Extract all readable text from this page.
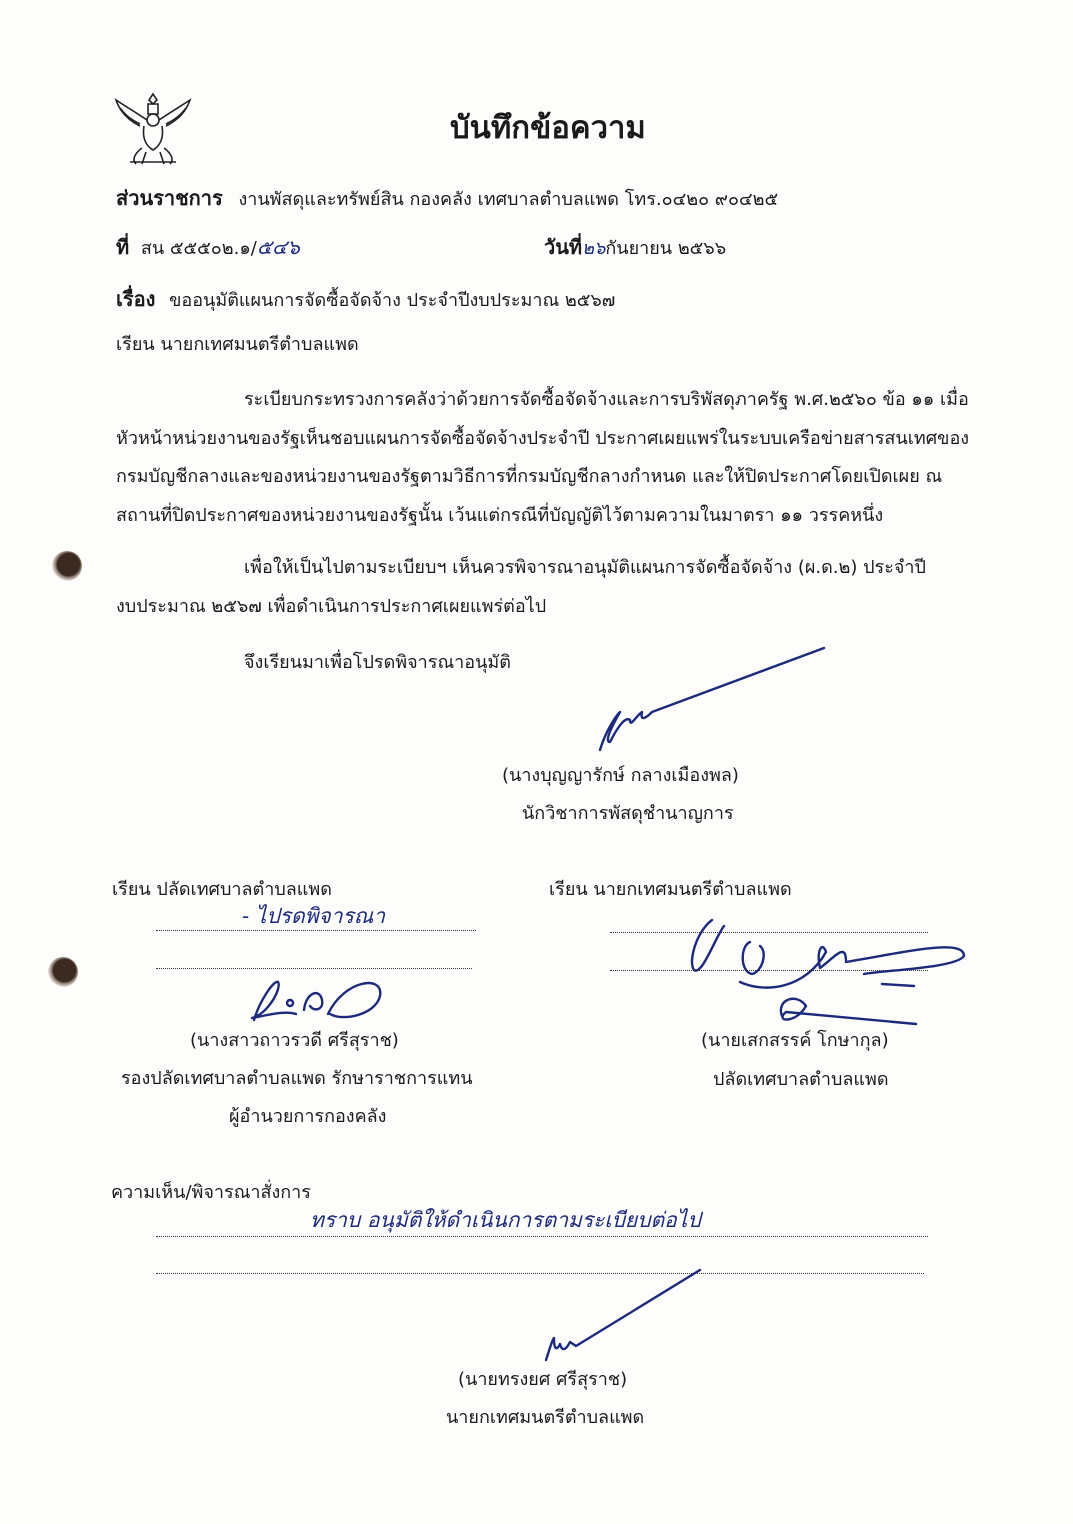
บันทึกข้อความ
ส่วนราชการ งานพัสดุและทรัพย์สิน กองคลัง เทศบาลตำบลแพด โทร.๐๔๒๐ ๙๐๔๒๕
ที่ สน ๕๕๕๐๒.๑/๕๔๖	วันที่๒๖กันยายน ๒๕๖๖
เรื่อง ขออนุมัติแผนการจัดซื้อจัดจ้าง ประจำปีงบประมาณ ๒๕๖๗
เรียน นายกเทศมนตรีตำบลแพด
ระเบียบกระทรวงการคลังว่าด้วยการจัดซื้อจัดจ้างและการบริพัสดุภาครัฐ พ.ศ.๒๕๖๐ ข้อ ๑๑ เมื่อ
หัวหน้าหน่วยงานของรัฐเห็นชอบแผนการจัดซื้อจัดจ้างประจำปี ประกาศเผยแพร่ในระบบเครือข่ายสารสนเทศของ
กรมบัญชีกลางและของหน่วยงานของรัฐตามวิธีการที่กรมบัญชีกลางกำหนด และให้ปิดประกาศโดยเปิดเผย ณ
สถานที่ปิดประกาศของหน่วยงานของรัฐนั้น เว้นแต่กรณีที่บัญญัติไว้ตามความในมาตรา ๑๑ วรรคหนึ่ง
เพื่อให้เป็นไปตามระเบียบฯ เห็นควรพิจารณาอนุมัติแผนการจัดซื้อจัดจ้าง (ผ.ด.๒) ประจำปี
งบประมาณ ๒๕๖๗ เพื่อดำเนินการประกาศเผยแพร่ต่อไป
จึงเรียนมาเพื่อโปรดพิจารณาอนุมัติ
(นางบุญญารักษ์ กลางเมืองพล)
นักวิชาการพัสดุชำนาญการ
เรียน ปลัดเทศบาลตำบลแพด
- ไปรดพิจารณา
(นางสาวถาวรวดี ศรีสุราช)
รองปลัดเทศบาลตำบลแพด รักษาราชการแทน
ผู้อำนวยการกองคลัง
เรียน นายกเทศมนตรีตำบลแพด
(นายเสกสรรค์ โกษากุล)
ปลัดเทศบาลตำบลแพด
ความเห็น/พิจารณาสั่งการ
ทราบ อนุมัติให้ดำเนินการตามระเบียบต่อไป
(นายทรงยศ ศรีสุราช)
นายกเทศมนตรีตำบลแพด
